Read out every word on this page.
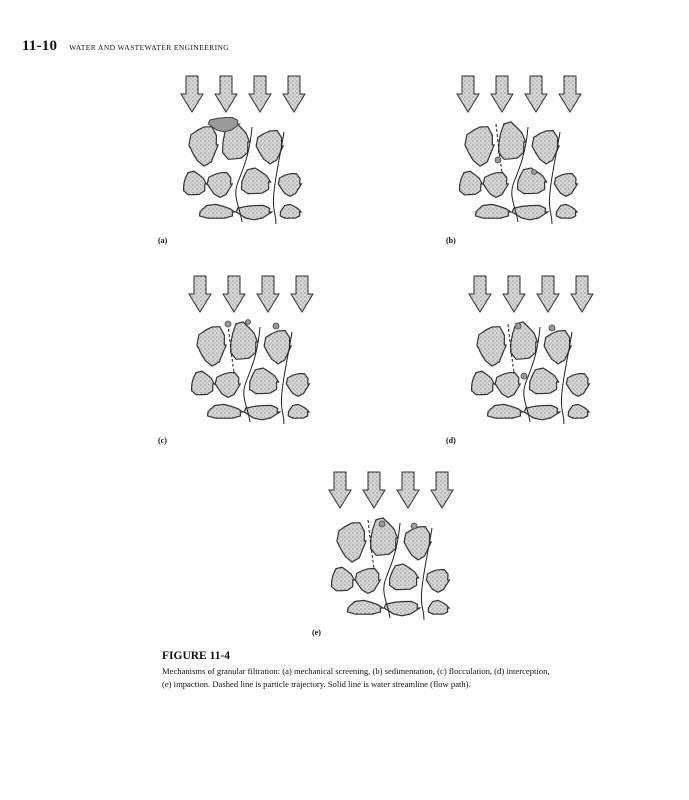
11-10 WATER AND WASTEWATER ENGINEERING
(a)	(b)
(c)	(d)
(e)
FIGURE 11-4
Mechanisms of granular filtration: (a) mechanical screening, (b) sedimentation, (c) flocculation, (d) interception,
(e) impaction. Dashed line is particle trajectory. Solid line is water streamline (flow path).
